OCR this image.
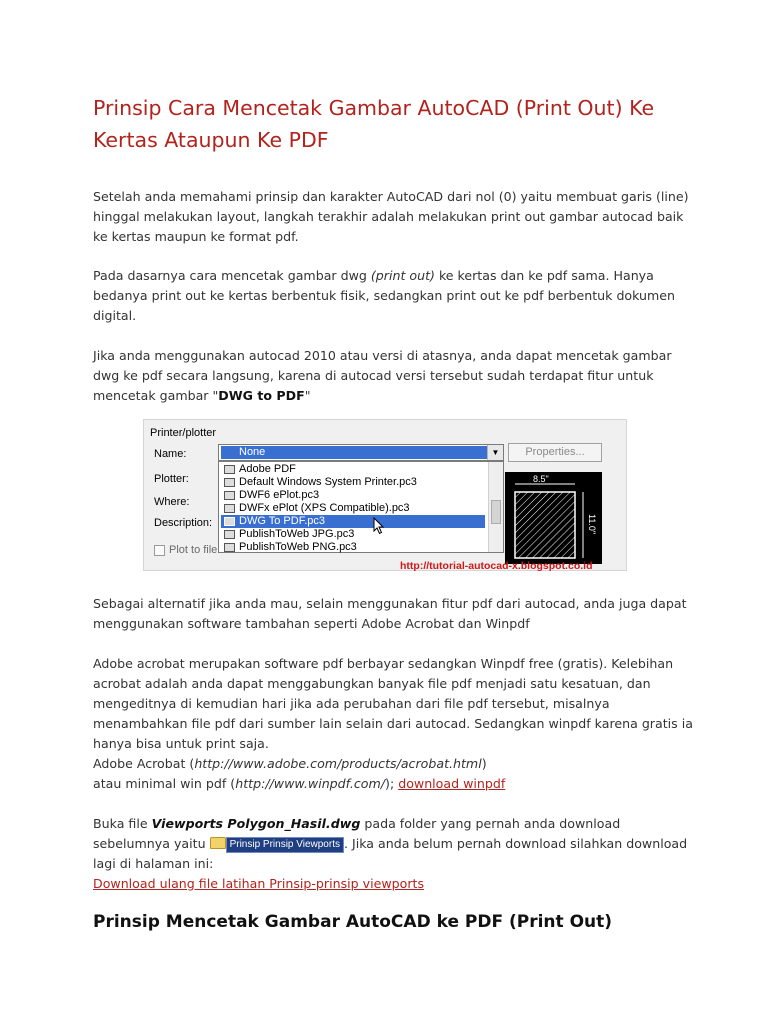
Prinsip Cara Mencetak Gambar AutoCAD (Print Out) Ke Kertas Ataupun Ke PDF

Setelah anda memahami prinsip dan karakter AutoCAD dari nol (0) yaitu membuat garis (line) hinggal melakukan layout, langkah terakhir adalah melakukan print out gambar autocad baik ke kertas maupun ke format pdf.

Pada dasarnya cara mencetak gambar dwg (print out) ke kertas dan ke pdf sama. Hanya bedanya print out ke kertas berbentuk fisik, sedangkan print out ke pdf berbentuk dokumen digital.

Jika anda menggunakan autocad 2010 atau versi di atasnya, anda dapat mencetak gambar dwg ke pdf secara langsung, karena di autocad versi tersebut sudah terdapat fitur untuk mencetak gambar "DWG to PDF"

Printer/plotter
Name:
Plotter:
Where:
Description:
None	▼	Properties...
Adobe PDF
Default Windows System Printer.pc3
DWF6 ePlot.pc3
DWFx ePlot (XPS Compatible).pc3
DWG To PDF.pc3
PublishToWeb JPG.pc3
PublishToWeb PNG.pc3
Plot to file
8.5"
11.0"
http://tutorial-autocad-x.blogspot.co.id

Sebagai alternatif jika anda mau, selain menggunakan fitur pdf dari autocad, anda juga dapat menggunakan software tambahan seperti Adobe Acrobat dan Winpdf

Adobe acrobat merupakan software pdf berbayar sedangkan Winpdf free (gratis). Kelebihan acrobat adalah anda dapat menggabungkan banyak file pdf menjadi satu kesatuan, dan mengeditnya di kemudian hari jika ada perubahan dari file pdf tersebut, misalnya menambahkan file pdf dari sumber lain selain dari autocad. Sedangkan winpdf karena gratis ia hanya bisa untuk print saja.

Adobe Acrobat (http://www.adobe.com/products/acrobat.html)

atau minimal win pdf (http://www.winpdf.com/); download winpdf

Buka file Viewports Polygon_Hasil.dwg pada folder yang pernah anda download sebelumnya yaitu Prinsip Prinsip Viewports . Jika anda belum pernah download silahkan download lagi di halaman ini:

Download ulang file latihan Prinsip-prinsip viewports

Prinsip Mencetak Gambar AutoCAD ke PDF (Print Out)
